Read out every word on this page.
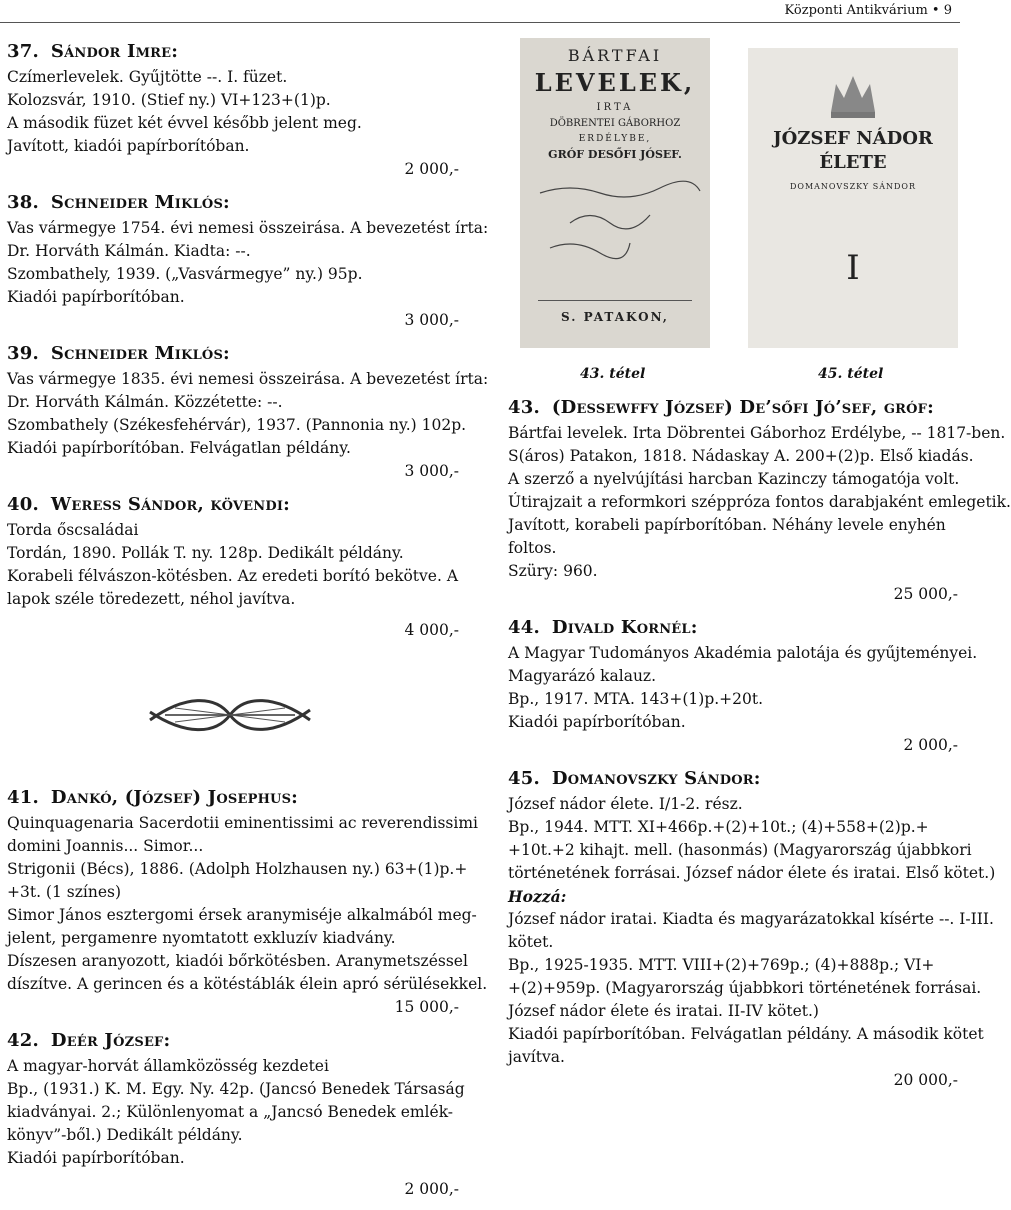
Központi Antikvárium • 9
BÁRTFAI
LEVELEK,
IRTA
DÖBRENTEI GÁBORHOZ
ERDÉLYBE,
GRÓF DESŐFI JÓSEF.
S. PATAKON,
JÓZSEF NÁDOR
ÉLETE
DOMANOVSZKY SÁNDOR
I
43. tétel	45. tétel
37. Sándor Imre:
Czímerlevelek. Gyűjtötte --. I. füzet.
Kolozsvár, 1910. (Stief ny.) VI+123+(1)p.
A második füzet két évvel később jelent meg.
Javított, kiadói papírborítóban.
2 000,-
38. Schneider Miklós:
Vas vármegye 1754. évi nemesi összeirása. A bevezetést írta:
Dr. Horváth Kálmán. Kiadta: --.
Szombathely, 1939. („Vasvármegye” ny.) 95p.
Kiadói papírborítóban.
3 000,-
39. Schneider Miklós:
Vas vármegye 1835. évi nemesi összeirása. A bevezetést írta:
Dr. Horváth Kálmán. Közzétette: --.
Szombathely (Székesfehérvár), 1937. (Pannonia ny.) 102p.
Kiadói papírborítóban. Felvágatlan példány.
3 000,-
40. Weress Sándor, kövendi:
Torda őscsaládai
Tordán, 1890. Pollák T. ny. 128p. Dedikált példány.
Korabeli félvászon-kötésben. Az eredeti borító bekötve. A
lapok széle töredezett, néhol javítva.
4 000,-
41. Dankó, (József) Josephus:
Quinquagenaria Sacerdotii eminentissimi ac reverendissimi
domini Joannis... Simor...
Strigonii (Bécs), 1886. (Adolph Holzhausen ny.) 63+(1)p.+
+3t. (1 színes)
Simor János esztergomi érsek aranymiséje alkalmából meg-
jelent, pergamenre nyomtatott exkluzív kiadvány.
Díszesen aranyozott, kiadói bőrkötésben. Aranymetszéssel
díszítve. A gerincen és a kötéstáblák élein apró sérülésekkel.
15 000,-
42. Deér József:
A magyar-horvát államközösség kezdetei
Bp., (1931.) K. M. Egy. Ny. 42p. (Jancsó Benedek Társaság
kiadványai. 2.; Különlenyomat a „Jancsó Benedek emlék-
könyv”-ből.) Dedikált példány.
Kiadói papírborítóban.
2 000,-
43. (Dessewffy József) De’sőfi Jó’sef, gróf:
Bártfai levelek. Irta Döbrentei Gáborhoz Erdélybe, -- 1817-ben.
S(áros) Patakon, 1818. Nádaskay A. 200+(2)p. Első kiadás.
A szerző a nyelvújítási harcban Kazinczy támogatója volt.
Útirajzait a reformkori széppróza fontos darabjaként emlegetik.
Javított, korabeli papírborítóban. Néhány levele enyhén
foltos.
Szüry: 960.
25 000,-
44. Divald Kornél:
A Magyar Tudományos Akadémia palotája és gyűjteményei.
Magyarázó kalauz.
Bp., 1917. MTA. 143+(1)p.+20t.
Kiadói papírborítóban.
2 000,-
45. Domanovszky Sándor:
József nádor élete. I/1-2. rész.
Bp., 1944. MTT. XI+466p.+(2)+10t.; (4)+558+(2)p.+
+10t.+2 kihajt. mell. (hasonmás) (Magyarország újabbkori
történetének forrásai. József nádor élete és iratai. Első kötet.)
Hozzá:
József nádor iratai. Kiadta és magyarázatokkal kísérte --. I-III.
kötet.
Bp., 1925-1935. MTT. VIII+(2)+769p.; (4)+888p.; VI+
+(2)+959p. (Magyarország újabbkori történetének forrásai.
József nádor élete és iratai. II-IV kötet.)
Kiadói papírborítóban. Felvágatlan példány. A második kötet
javítva.
20 000,-
